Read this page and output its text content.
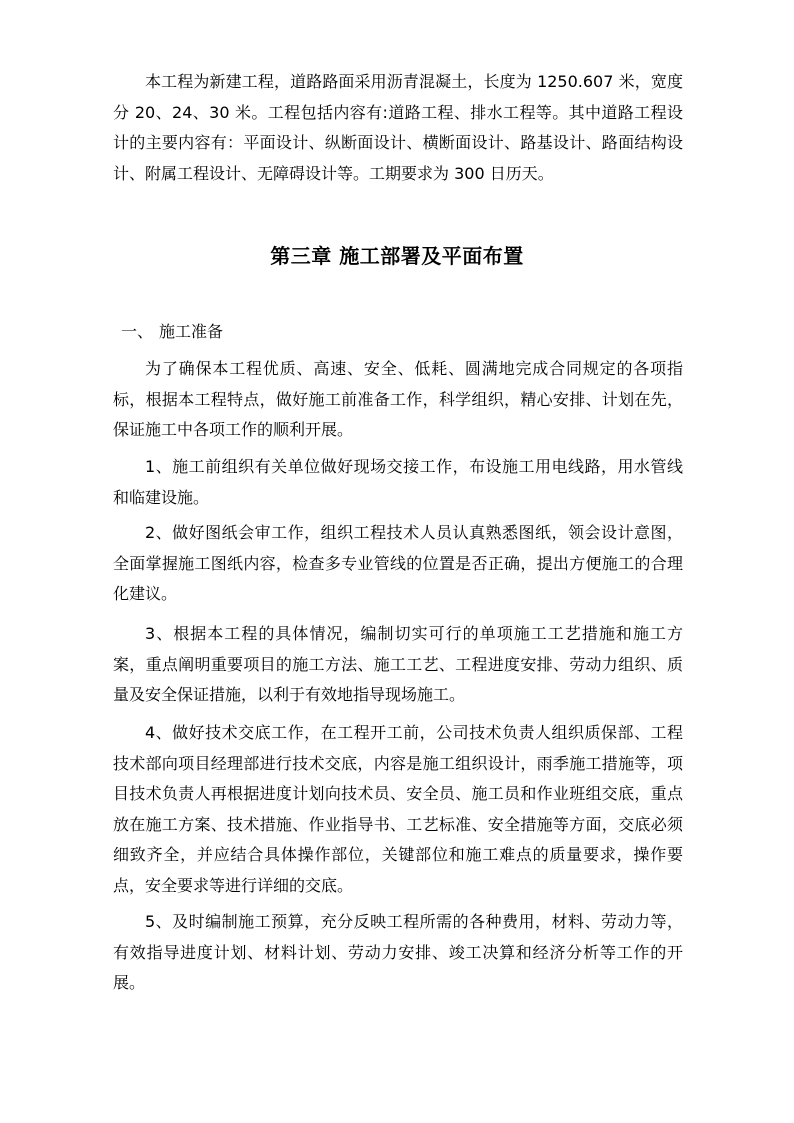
本工程为新建工程，道路路面采用沥青混凝土，长度为 1250.607 米，宽度分 20、24、30 米。工程包括内容有:道路工程、排水工程等。其中道路工程设计的主要内容有：平面设计、纵断面设计、横断面设计、路基设计、路面结构设计、附属工程设计、无障碍设计等。工期要求为 300 日历天。

第三章 施工部署及平面布置
一、 施工准备

为了确保本工程优质、高速、安全、低耗、圆满地完成合同规定的各项指标，根据本工程特点，做好施工前准备工作，科学组织，精心安排、计划在先，保证施工中各项工作的顺利开展。

1、施工前组织有关单位做好现场交接工作，布设施工用电线路，用水管线和临建设施。

2、做好图纸会审工作，组织工程技术人员认真熟悉图纸，领会设计意图，全面掌握施工图纸内容，检查多专业管线的位置是否正确，提出方便施工的合理化建议。

3、根据本工程的具体情况，编制切实可行的单项施工工艺措施和施工方案，重点阐明重要项目的施工方法、施工工艺、工程进度安排、劳动力组织、质量及安全保证措施，以利于有效地指导现场施工。

4、做好技术交底工作，在工程开工前，公司技术负责人组织质保部、工程技术部向项目经理部进行技术交底，内容是施工组织设计，雨季施工措施等，项目技术负责人再根据进度计划向技术员、安全员、施工员和作业班组交底，重点放在施工方案、技术措施、作业指导书、工艺标准、安全措施等方面，交底必须细致齐全，并应结合具体操作部位，关键部位和施工难点的质量要求，操作要点，安全要求等进行详细的交底。

5、及时编制施工预算，充分反映工程所需的各种费用，材料、劳动力等，有效指导进度计划、材料计划、劳动力安排、竣工决算和经济分析等工作的开展。
